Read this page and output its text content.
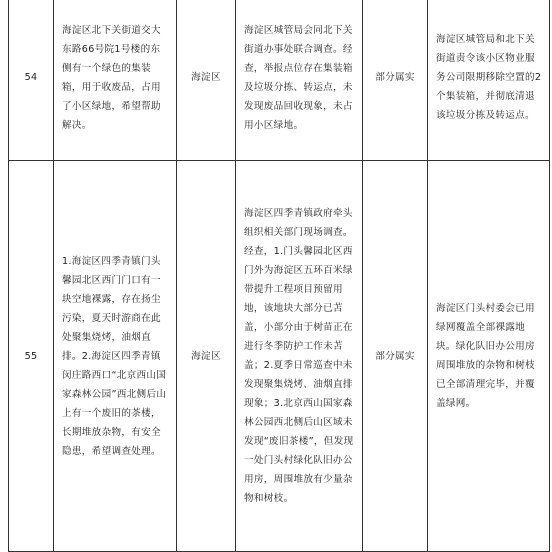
54	海淀区北下关街道交大东路66号院1号楼的东侧有一个绿色的集装箱，用于收废品，占用了小区绿地，希望帮助解决。	海淀区	海淀区城管局会同北下关街道办事处联合调查。经查，举报点位存在集装箱及垃圾分拣、转运点，未发现废品回收现象，未占用小区绿地。	部分属实	海淀区城管局和北下关街道责令该小区物业服务公司限期移除空置的2个集装箱，并彻底清退该垃圾分拣及转运点。
55	1.海淀区四季青镇门头馨园北区西门门口有一块空地裸露，存在扬尘污染，夏天时游商在此处聚集烧烤，油烟直排。2.海淀区四季青镇闵庄路西口“北京西山国家森林公园”西北侧后山上有一个废旧的茶楼，长期堆放杂物，有安全隐患，希望调查处理。	海淀区	海淀区四季青镇政府牵头组织相关部门现场调查。经查，1.门头馨园北区西门外为海淀区五环百米绿带提升工程项目预留用地，该地块大部分已苫盖，小部分由于树苗正在进行冬季防护工作未苫盖；2.夏季日常巡查中未发现聚集烧烤、油烟直排现象；3.北京西山国家森林公园西北侧后山区域未发现“废旧茶楼”，但发现一处门头村绿化队旧办公用房，周围堆放有少量杂物和树枝。	部分属实	海淀区门头村委会已用绿网覆盖全部裸露地块。绿化队旧办公用房周围堆放的杂物和树枝已全部清理完毕，并覆盖绿网。
